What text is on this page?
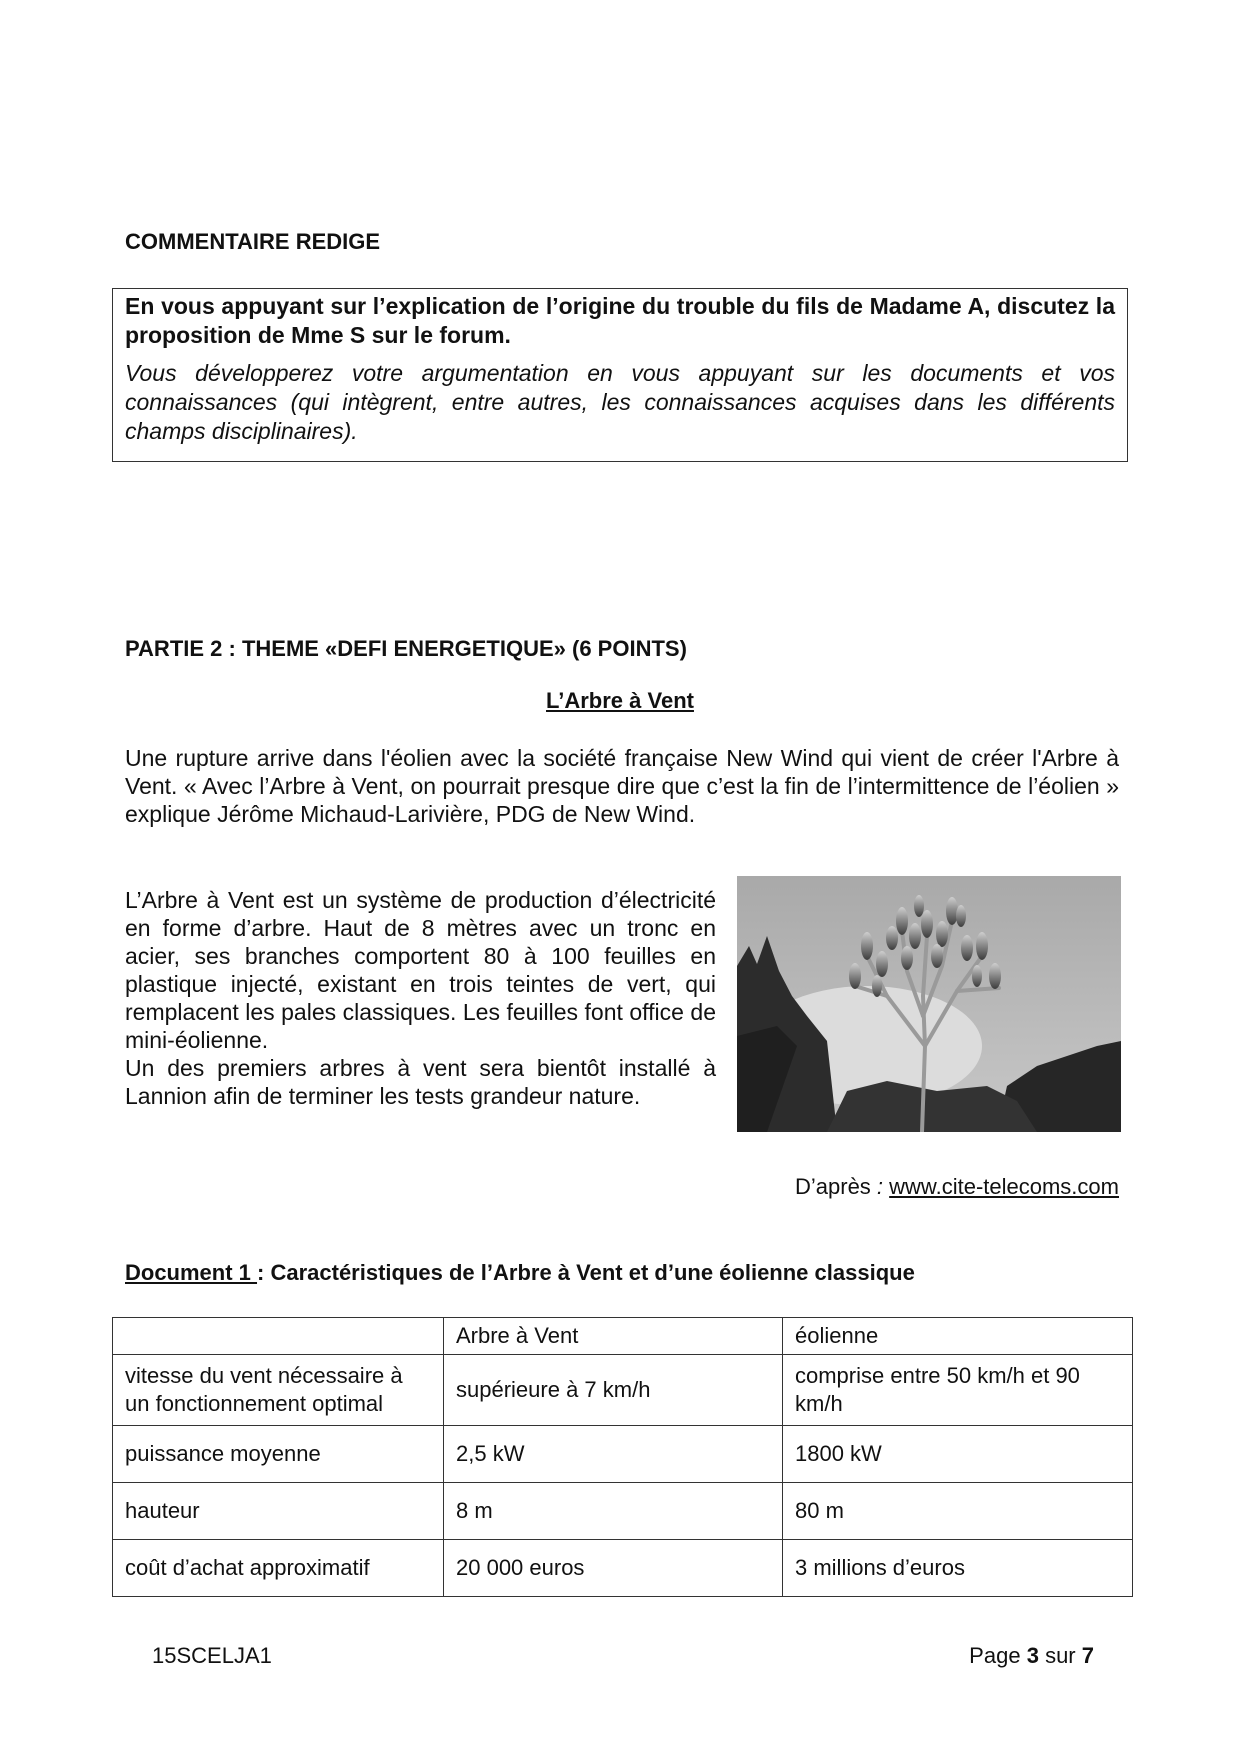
COMMENTAIRE REDIGE
En vous appuyant sur l’explication de l’origine du trouble du fils de Madame A, discutez la proposition de Mme S sur le forum.
Vous développerez votre argumentation en vous appuyant sur les documents et vos connaissances (qui intègrent, entre autres, les connaissances acquises dans les différents champs disciplinaires).
PARTIE 2 : THEME «DEFI ENERGETIQUE» (6 POINTS)
L’Arbre à Vent
Une rupture arrive dans l'éolien avec la société française New Wind qui vient de créer l'Arbre à Vent. « Avec l’Arbre à Vent, on pourrait presque dire que c’est la fin de l’intermittence de l’éolien » explique Jérôme Michaud-Larivière, PDG de New Wind.

L’Arbre à Vent est un système de production d’électricité en forme d’arbre. Haut de 8 mètres avec un tronc en acier, ses branches comportent 80 à 100 feuilles en plastique injecté, existant en trois teintes de vert, qui remplacent les pales classiques. Les feuilles font office de mini-éolienne.

Un des premiers arbres à vent sera bientôt installé à Lannion afin de terminer les tests grandeur nature.

D’après : www.cite-telecoms.com
Document 1 : Caractéristiques de l’Arbre à Vent et d’une éolienne classique
	Arbre à Vent	éolienne
vitesse du vent nécessaire à un fonctionnement optimal	supérieure à 7 km/h	comprise entre 50 km/h et 90 km/h
puissance moyenne	2,5 kW	1800 kW
hauteur	8 m	80 m
coût d’achat approximatif	20 000 euros	3 millions d’euros
15SCELJA1	Page 3 sur 7
